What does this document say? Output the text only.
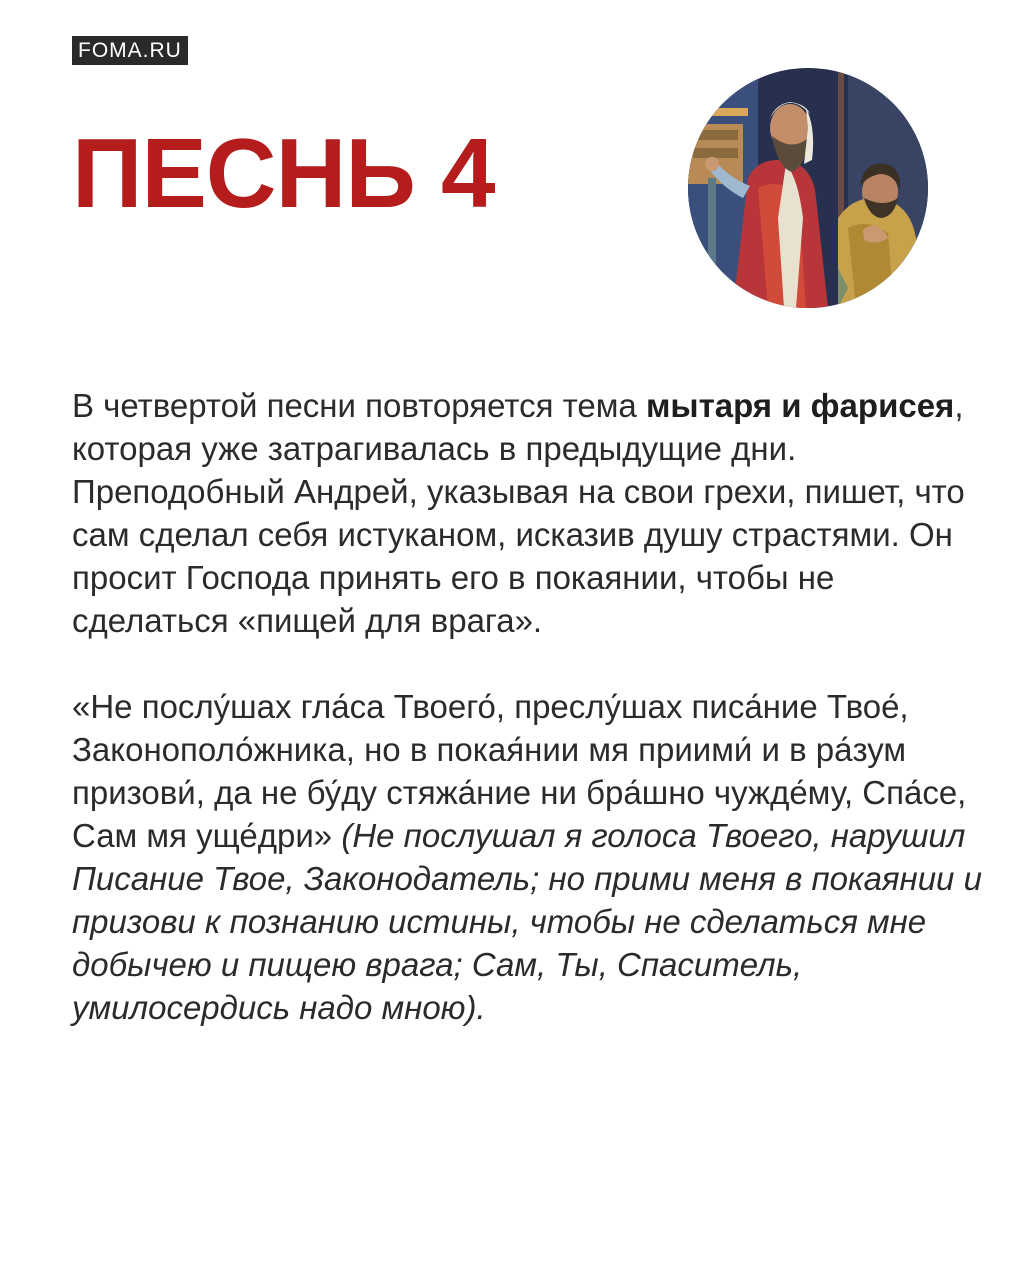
FOMA.RU
ПЕСНЬ 4

В четвертой песни повторяется тема мытаря и фарисея, которая уже затрагивалась в предыдущие дни. Преподобный Андрей, указывая на свои грехи, пишет, что сам сделал себя истуканом, исказив душу страстями. Он просит Господа принять его в покаянии, чтобы не сделаться «пищей для врага».

«Не послу́шах гла́са Твоего́, преслу́шах писа́ние Твое́, Законополо́жника, но в покая́нии мя приими́ и в ра́зум призови́, да не бу́ду стяжа́ние ни бра́шно чужде́му, Спа́се, Сам мя уще́дри» (Не послушал я голоса Твоего, нарушил Писание Твое, Законодатель; но прими меня в покаянии и призови к познанию истины, чтобы не сделаться мне добычею и пищею врага; Сам, Ты, Спаситель, умилосердись надо мною).
